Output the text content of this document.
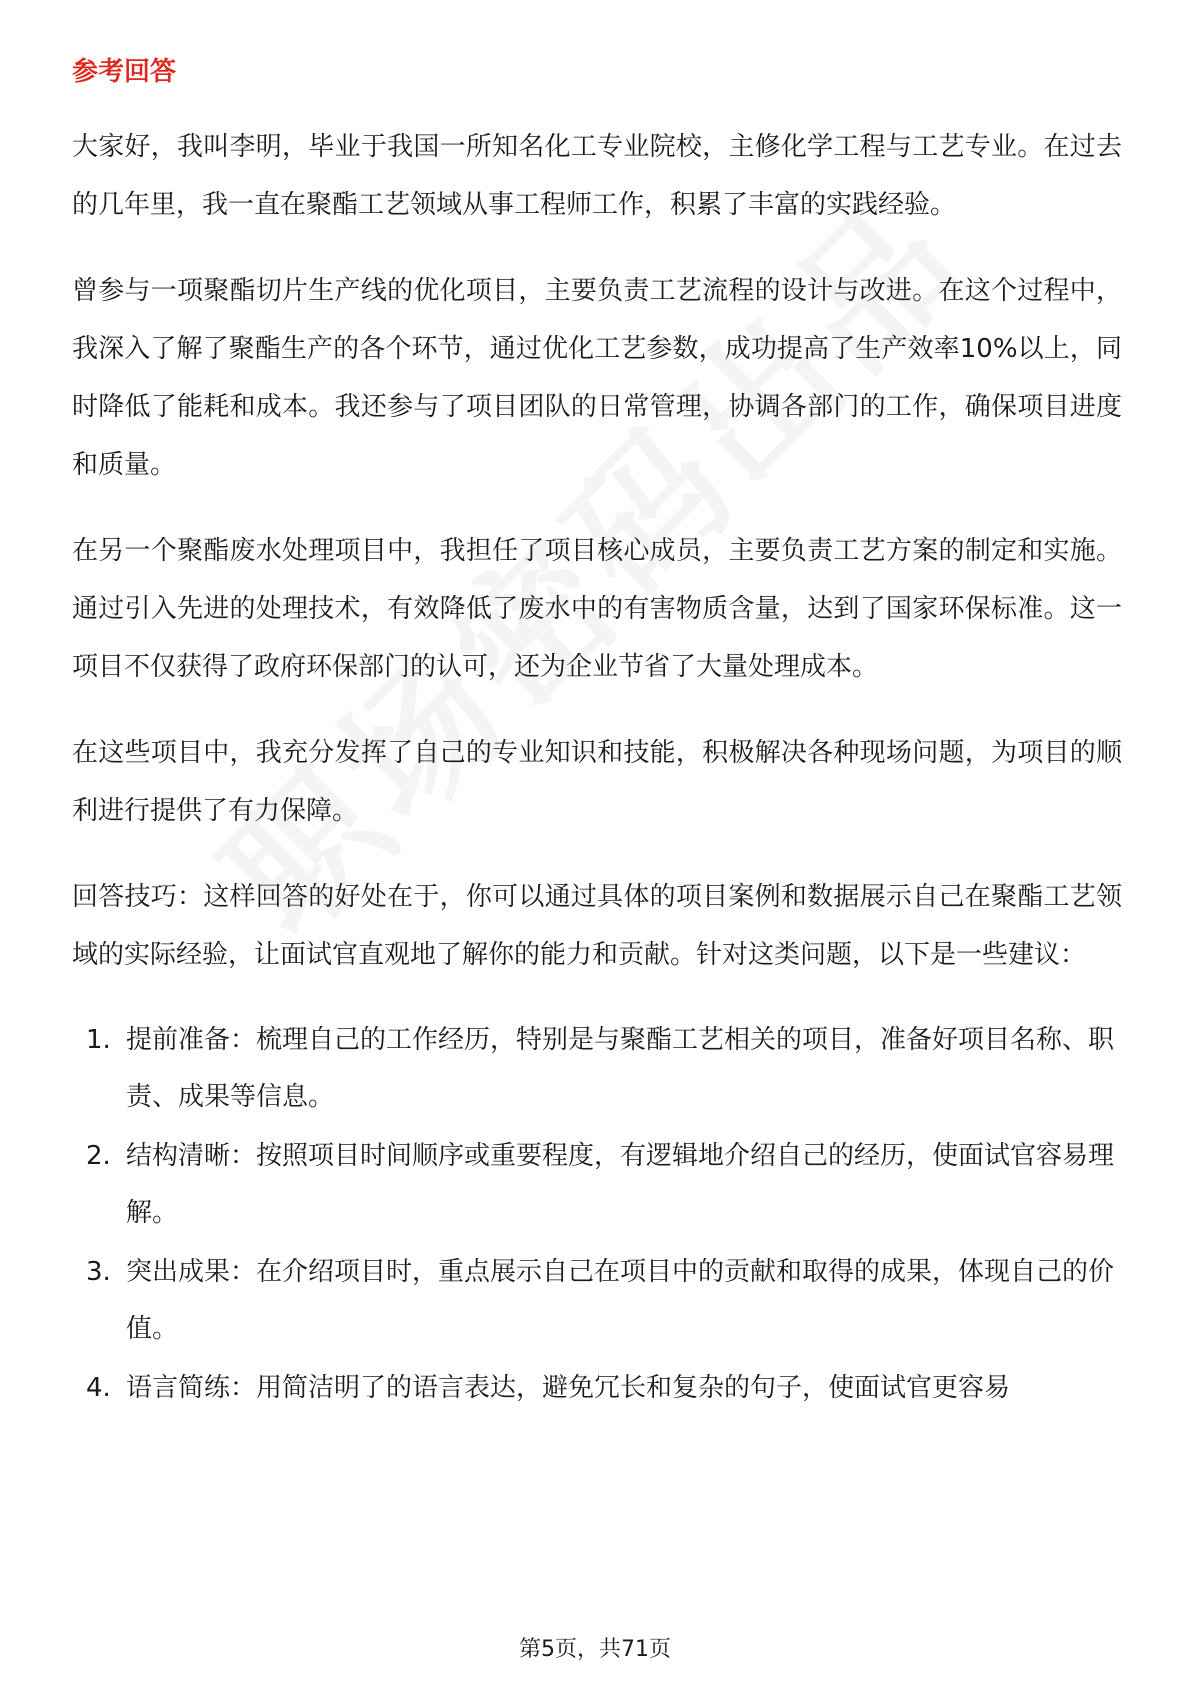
参考回答

大家好，我叫李明，毕业于我国一所知名化工专业院校，主修化学工程与工艺专业。在过去的几年里，我一直在聚酯工艺领域从事工程师工作，积累了丰富的实践经验。

曾参与一项聚酯切片生产线的优化项目，主要负责工艺流程的设计与改进。在这个过程中，我深入了解了聚酯生产的各个环节，通过优化工艺参数，成功提高了生产效率10%以上，同时降低了能耗和成本。我还参与了项目团队的日常管理，协调各部门的工作，确保项目进度和质量。

在另一个聚酯废水处理项目中，我担任了项目核心成员，主要负责工艺方案的制定和实施。通过引入先进的处理技术，有效降低了废水中的有害物质含量，达到了国家环保标准。这一项目不仅获得了政府环保部门的认可，还为企业节省了大量处理成本。

在这些项目中，我充分发挥了自己的专业知识和技能，积极解决各种现场问题，为项目的顺利进行提供了有力保障。

回答技巧：这样回答的好处在于，你可以通过具体的项目案例和数据展示自己在聚酯工艺领域的实际经验，让面试官直观地了解你的能力和贡献。针对这类问题，以下是一些建议：

1. 提前准备：梳理自己的工作经历，特别是与聚酯工艺相关的项目，准备好项目名称、职责、成果等信息。
2. 结构清晰：按照项目时间顺序或重要程度，有逻辑地介绍自己的经历，使面试官容易理解。
3. 突出成果：在介绍项目时，重点展示自己在项目中的贡献和取得的成果，体现自己的价值。
4. 语言简练：用简洁明了的语言表达，避免冗长和复杂的句子，使面试官更容易
第5页，共71页
